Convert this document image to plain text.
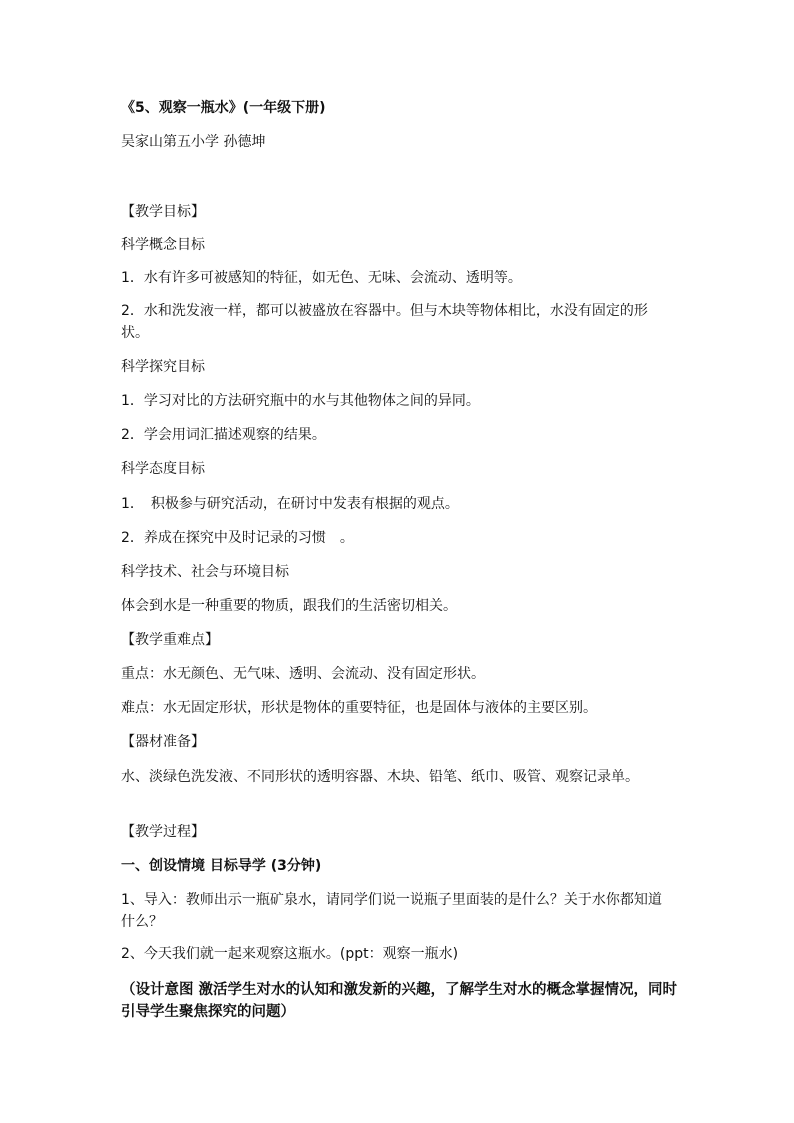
《5、观察一瓶水》(一年级下册)
吴家山第五小学 孙德坤
【教学目标】
科学概念目标
1．水有许多可被感知的特征，如无色、无味、会流动、透明等。
2．水和洗发液一样，都可以被盛放在容器中。但与木块等物体相比，水没有固定的形状。
科学探究目标
1．学习对比的方法研究瓶中的水与其他物体之间的异同。
2．学会用词汇描述观察的结果。
科学态度目标
1．　积极参与研究活动，在研讨中发表有根据的观点。
2．养成在探究中及时记录的习惯　。
科学技术、社会与环境目标
体会到水是一种重要的物质，跟我们的生活密切相关。
【教学重难点】
重点：水无颜色、无气味、透明、会流动、没有固定形状。
难点：水无固定形状，形状是物体的重要特征，也是固体与液体的主要区别。
【器材准备】
水、淡绿色洗发液、不同形状的透明容器、木块、铅笔、纸巾、吸管、观察记录单。
【教学过程】
一、创设情境 目标导学 (3分钟)
1、导入：教师出示一瓶矿泉水，请同学们说一说瓶子里面装的是什么？关于水你都知道什么？
2、今天我们就一起来观察这瓶水。(ppt：观察一瓶水)
（设计意图 激活学生对水的认知和激发新的兴趣，了解学生对水的概念掌握情况，同时引导学生聚焦探究的问题）
